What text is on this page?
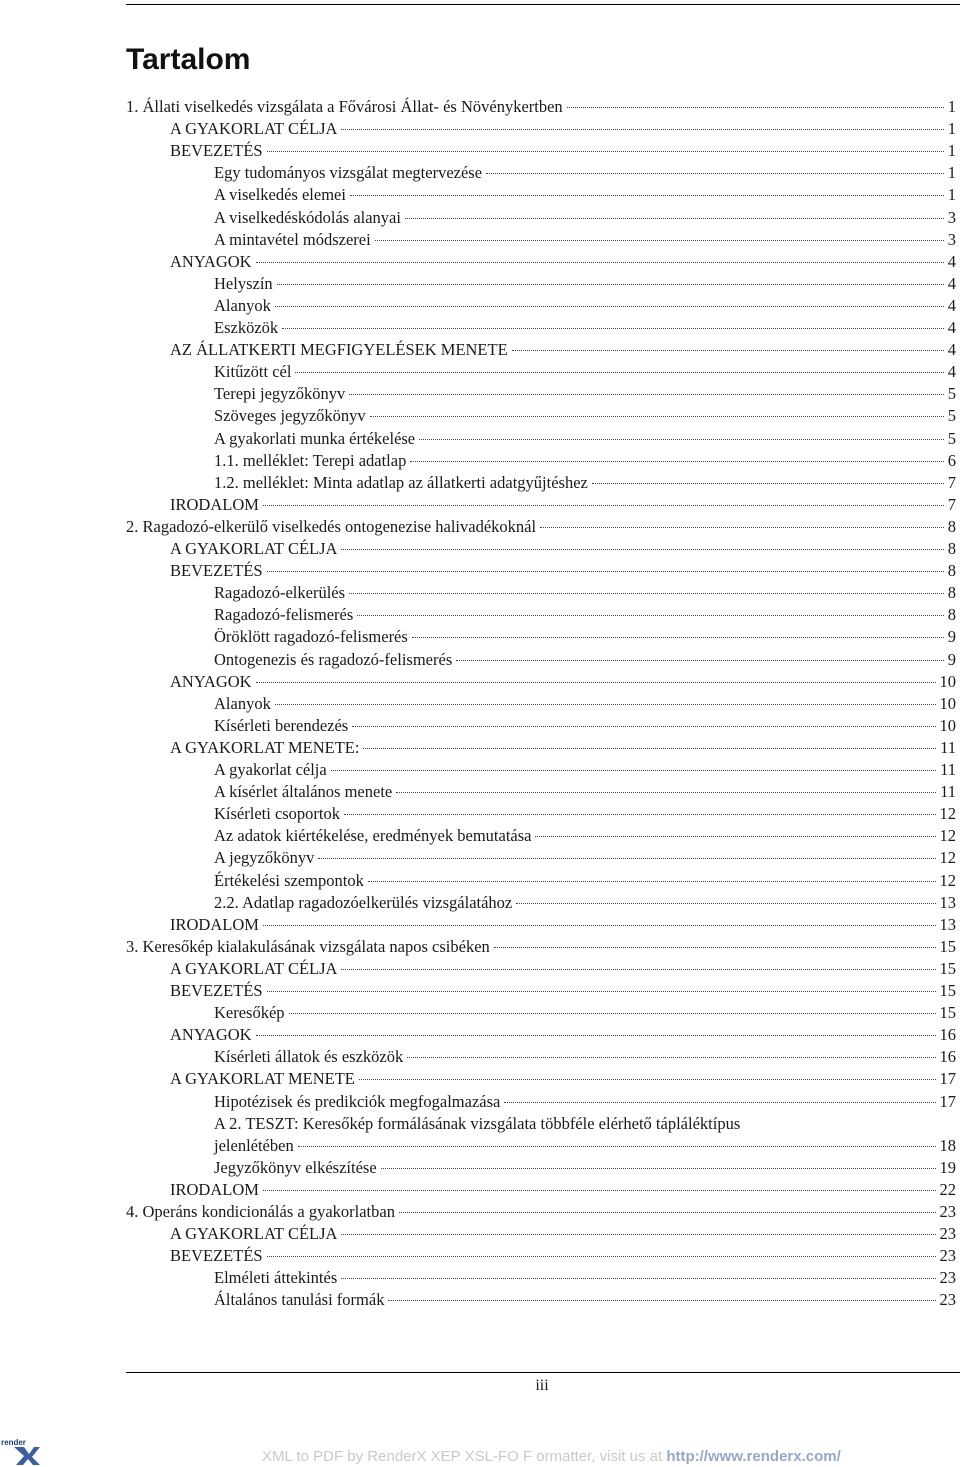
Tartalom
1. Állati viselkedés vizsgálata a Fővárosi Állat- és Növénykertben	1
A GYAKORLAT CÉLJA	1
BEVEZETÉS	1
Egy tudományos vizsgálat megtervezése	1
A viselkedés elemei	1
A viselkedéskódolás alanyai	3
A mintavétel módszerei	3
ANYAGOK	4
Helyszín	4
Alanyok	4
Eszközök	4
AZ ÁLLATKERTI MEGFIGYELÉSEK MENETE	4
Kitűzött cél	4
Terepi jegyzőkönyv	5
Szöveges jegyzőkönyv	5
A gyakorlati munka értékelése	5
1.1. melléklet: Terepi adatlap	6
1.2. melléklet: Minta adatlap az állatkerti adatgyűjtéshez	7
IRODALOM	7
2. Ragadozó-elkerülő viselkedés ontogenezise halivadékoknál	8
A GYAKORLAT CÉLJA	8
BEVEZETÉS	8
Ragadozó-elkerülés	8
Ragadozó-felismerés	8
Öröklött ragadozó-felismerés	9
Ontogenezis és ragadozó-felismerés	9
ANYAGOK	10
Alanyok	10
Kísérleti berendezés	10
A GYAKORLAT MENETE:	11
A gyakorlat célja	11
A kísérlet általános menete	11
Kísérleti csoportok	12
Az adatok kiértékelése, eredmények bemutatása	12
A jegyzőkönyv	12
Értékelési szempontok	12
2.2. Adatlap ragadozóelkerülés vizsgálatához	13
IRODALOM	13
3. Keresőkép kialakulásának vizsgálata napos csibéken	15
A GYAKORLAT CÉLJA	15
BEVEZETÉS	15
Keresőkép	15
ANYAGOK	16
Kísérleti állatok és eszközök	16
A GYAKORLAT MENETE	17
Hipotézisek és predikciók megfogalmazása	17
A 2. TESZT: Keresőkép formálásának vizsgálata többféle elérhető tápláléktípus
jelenlétében	18
Jegyzőkönyv elkészítése	19
IRODALOM	22
4. Operáns kondicionálás a gyakorlatban	23
A GYAKORLAT CÉLJA	23
BEVEZETÉS	23
Elméleti áttekintés	23
Általános tanulási formák	23
iii
render
XML to PDF by RenderX XEP XSL-FO F ormatter, visit us at http://www.renderx.com/
